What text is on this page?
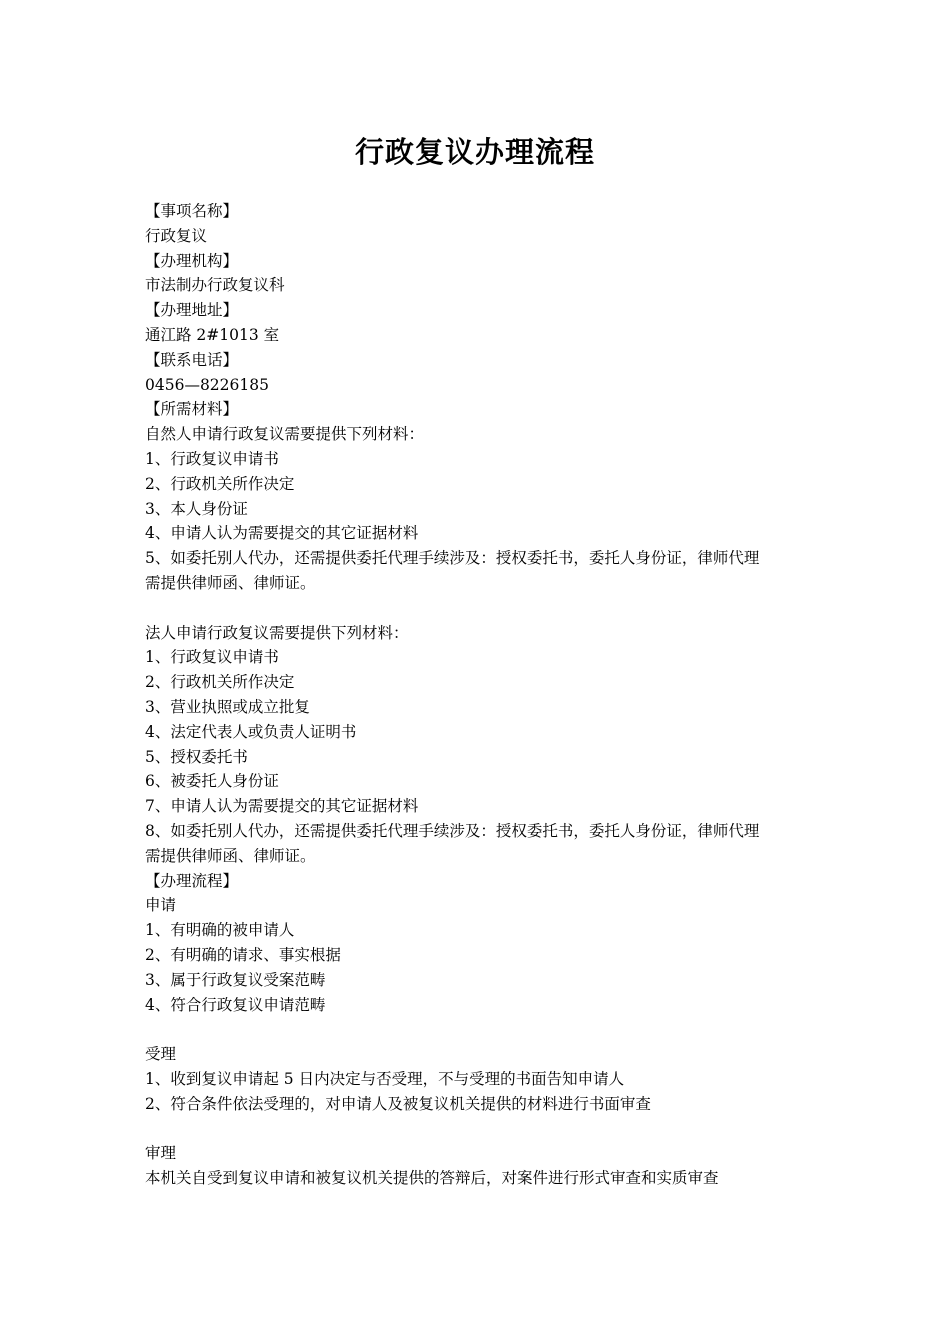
行政复议办理流程
【事项名称】
行政复议
【办理机构】
市法制办行政复议科
【办理地址】
通江路 2#1013 室
【联系电话】
0456—8226185
【所需材料】
自然人申请行政复议需要提供下列材料：
1、行政复议申请书
2、行政机关所作决定
3、本人身份证
4、申请人认为需要提交的其它证据材料
5、如委托别人代办，还需提供委托代理手续涉及：授权委托书，委托人身份证，律师代理
需提供律师函、律师证。
法人申请行政复议需要提供下列材料：
1、行政复议申请书
2、行政机关所作决定
3、营业执照或成立批复
4、法定代表人或负责人证明书
5、授权委托书
6、被委托人身份证
7、申请人认为需要提交的其它证据材料
8、如委托别人代办，还需提供委托代理手续涉及：授权委托书，委托人身份证，律师代理
需提供律师函、律师证。
【办理流程】
申请
1、有明确的被申请人
2、有明确的请求、事实根据
3、属于行政复议受案范畴
4、符合行政复议申请范畴
受理
1、收到复议申请起 5 日内决定与否受理，不与受理的书面告知申请人
2、符合条件依法受理的，对申请人及被复议机关提供的材料进行书面审查
审理
本机关自受到复议申请和被复议机关提供的答辩后，对案件进行形式审查和实质审查
